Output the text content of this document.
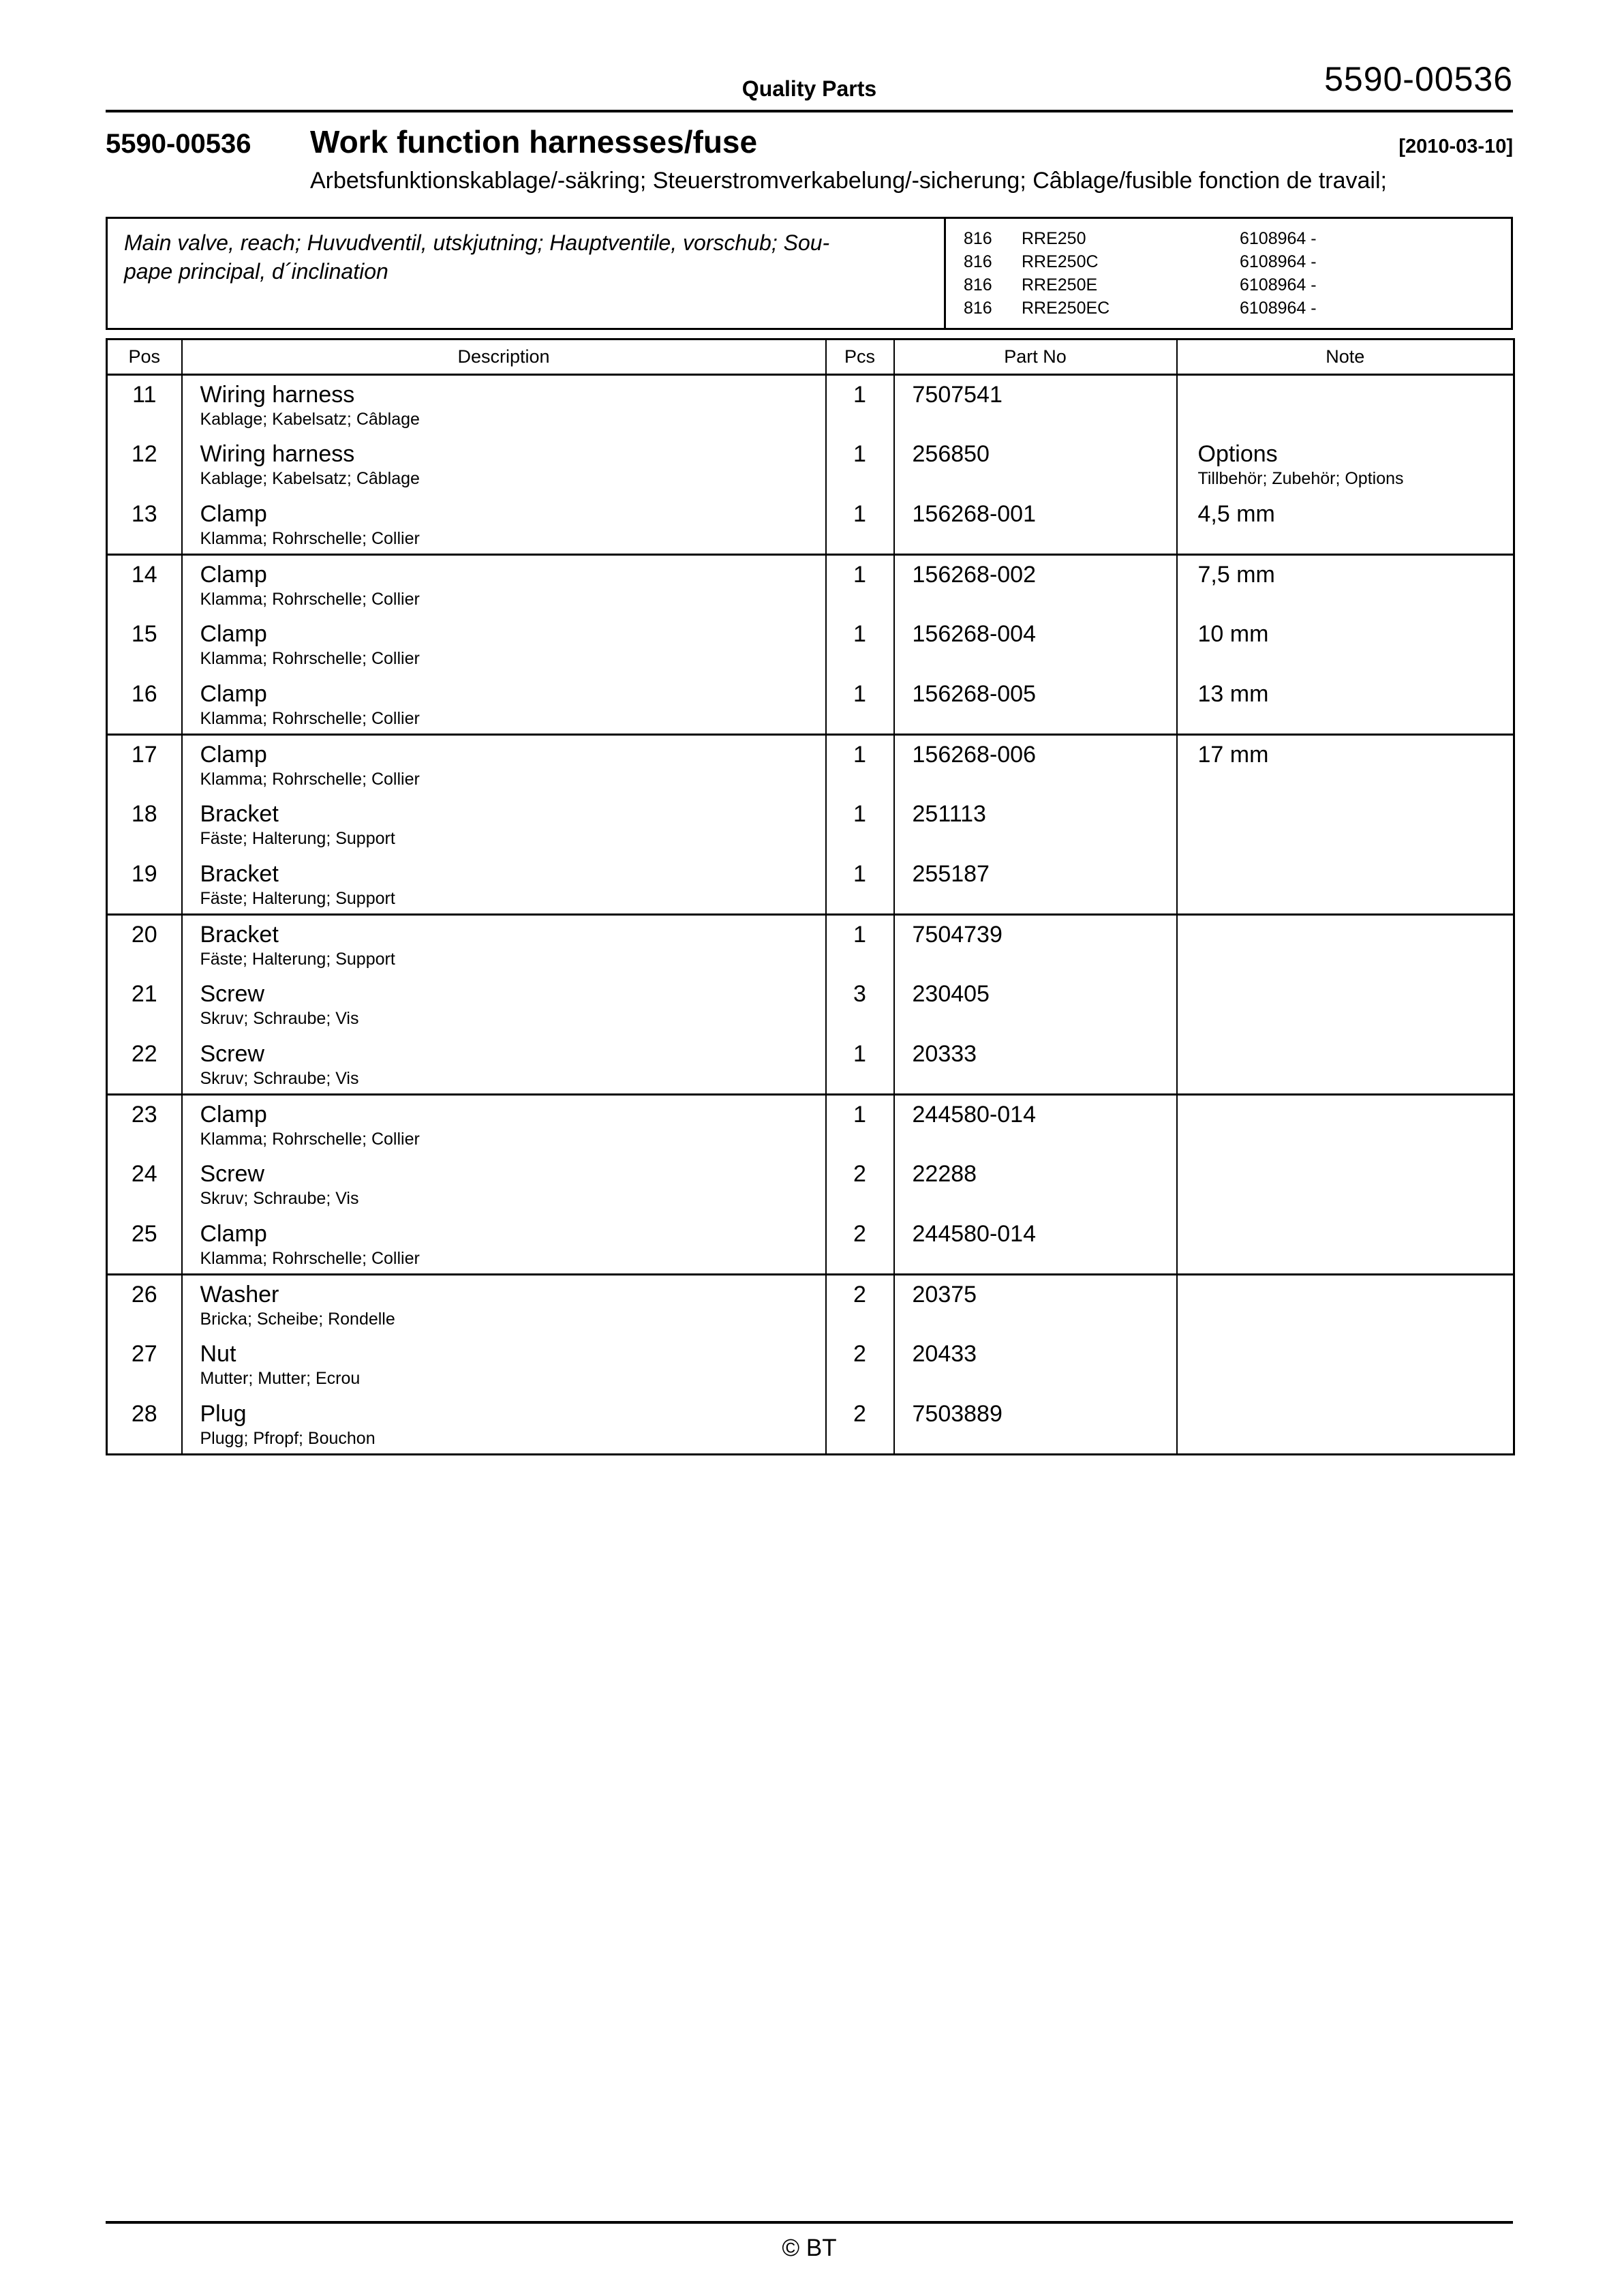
Quality Parts	5590-00536
5590-00536	Work function harnesses/fuse	[2010-03-10]
Arbetsfunktionskablage/-säkring; Steuerstromverkabelung/-sicherung; Câblage/fusible fonction de travail;
Main valve, reach; Huvudventil, utskjutning; Hauptventile, vorschub; Sou-
pape principal, d´inclination
816	RRE250	6108964 -
816	RRE250C	6108964 -
816	RRE250E	6108964 -
816	RRE250EC	6108964 -
Pos	Description	Pcs	Part No	Note
11	Wiring harness
Kablage; Kabelsatz; Câblage	1	7507541	
12	Wiring harness
Kablage; Kabelsatz; Câblage
	1	256850	Options
Tillbehör; Zubehör; Options

13	Clamp
Klamma; Rohrschelle; Collier	1	156268-001	4,5 mm

14	Clamp
Klamma; Rohrschelle; Collier	1	156268-002	7,5 mm

15	Clamp
Klamma; Rohrschelle; Collier	1	156268-004	10 mm

16	Clamp
Klamma; Rohrschelle; Collier	1	156268-005	13 mm

17	Clamp
Klamma; Rohrschelle; Collier	1	156268-006	17 mm

18	Bracket
Fäste; Halterung; Support	1	251113	
19	Bracket
Fäste; Halterung; Support	1	255187	
20	Bracket
Fäste; Halterung; Support	1	7504739	
21	Screw
Skruv; Schraube; Vis	3	230405	
22	Screw
Skruv; Schraube; Vis	1	20333	
23	Clamp
Klamma; Rohrschelle; Collier	1	244580-014	
24	Screw
Skruv; Schraube; Vis	2	22288	
25	Clamp
Klamma; Rohrschelle; Collier	2	244580-014	
26	Washer
Bricka; Scheibe; Rondelle	2	20375	
27	Nut
Mutter; Mutter; Ecrou	2	20433	
28	Plug
Plugg; Pfropf; Bouchon	2	7503889	
© BT
